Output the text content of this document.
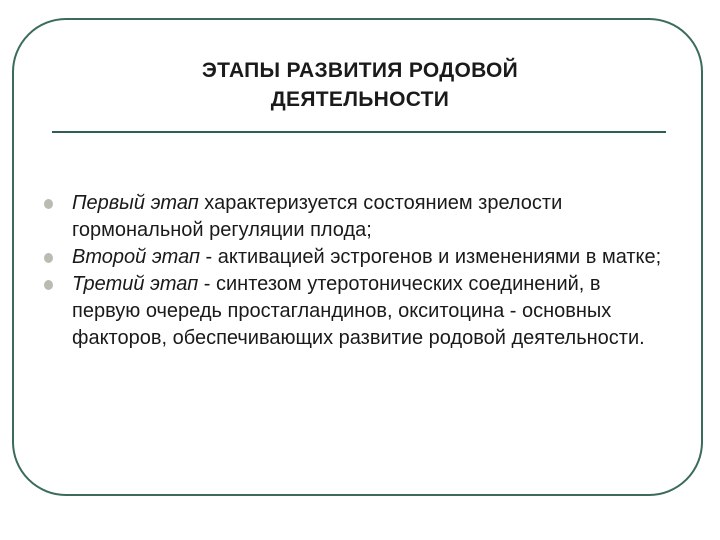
ЭТАПЫ РАЗВИТИЯ РОДОВОЙ
ДЕЯТЕЛЬНОСТИ
Первый этап характеризуется состоянием зрелости гормональной регуляции плода;
Второй этап - активацией эстрогенов и изменениями в матке;
Третий этап - синтезом утеротонических соединений, в первую очередь простагландинов, окситоцина - основных факторов, обеспечивающих развитие родовой деятельности.
